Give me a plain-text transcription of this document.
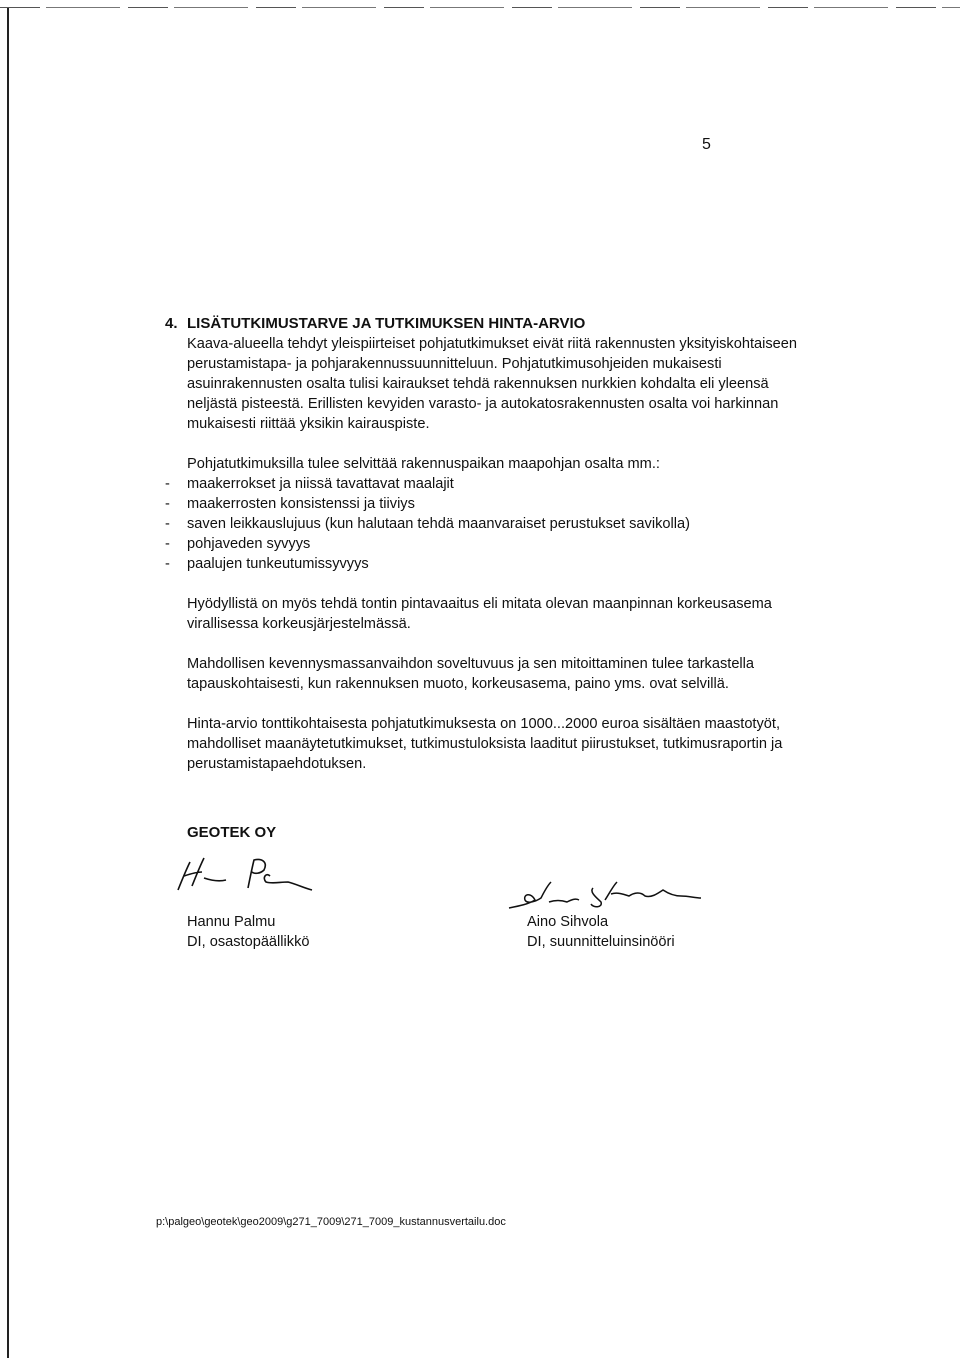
5
4. LISÄTUTKIMUSTARVE JA TUTKIMUKSEN HINTA-ARVIO

Kaava-alueella tehdyt yleispiirteiset pohjatutkimukset eivät riitä rakennusten yksityiskohtaiseen

perustamistapa- ja pohjarakennussuunnitteluun. Pohjatutkimusohjeiden mukaisesti

asuinrakennusten osalta tulisi kairaukset tehdä rakennuksen nurkkien kohdalta eli yleensä

neljästä pisteestä. Erillisten kevyiden varasto- ja autokatosrakennusten osalta voi harkinnan

mukaisesti riittää yksikin kairauspiste.

Pohjatutkimuksilla tulee selvittää rakennuspaikan maapohjan osalta mm.:

-	maakerrokset ja niissä tavattavat maalajit
-	maakerrosten konsistenssi ja tiiviys
-	saven leikkauslujuus (kun halutaan tehdä maanvaraiset perustukset savikolla)
-	pohjaveden syvyys
-	paalujen tunkeutumissyvyys

Hyödyllistä on myös tehdä tontin pintavaaitus eli mitata olevan maanpinnan korkeusasema

virallisessa korkeusjärjestelmässä.

Mahdollisen kevennysmassanvaihdon soveltuvuus ja sen mitoittaminen tulee tarkastella

tapauskohtaisesti, kun rakennuksen muoto, korkeusasema, paino yms. ovat selvillä.

Hinta-arvio tonttikohtaisesta pohjatutkimuksesta on 1000...2000 euroa sisältäen maastotyöt,

mahdolliset maanäytetutkimukset, tutkimustuloksista laaditut piirustukset, tutkimusraportin ja

perustamistapaehdotuksen.

GEOTEK OY
Hannu Palmu
DI, osastopäällikkö
Aino Sihvola
DI, suunnitteluinsinööri
p:\palgeo\geotek\geo2009\g271_7009\271_7009_kustannusvertailu.doc
